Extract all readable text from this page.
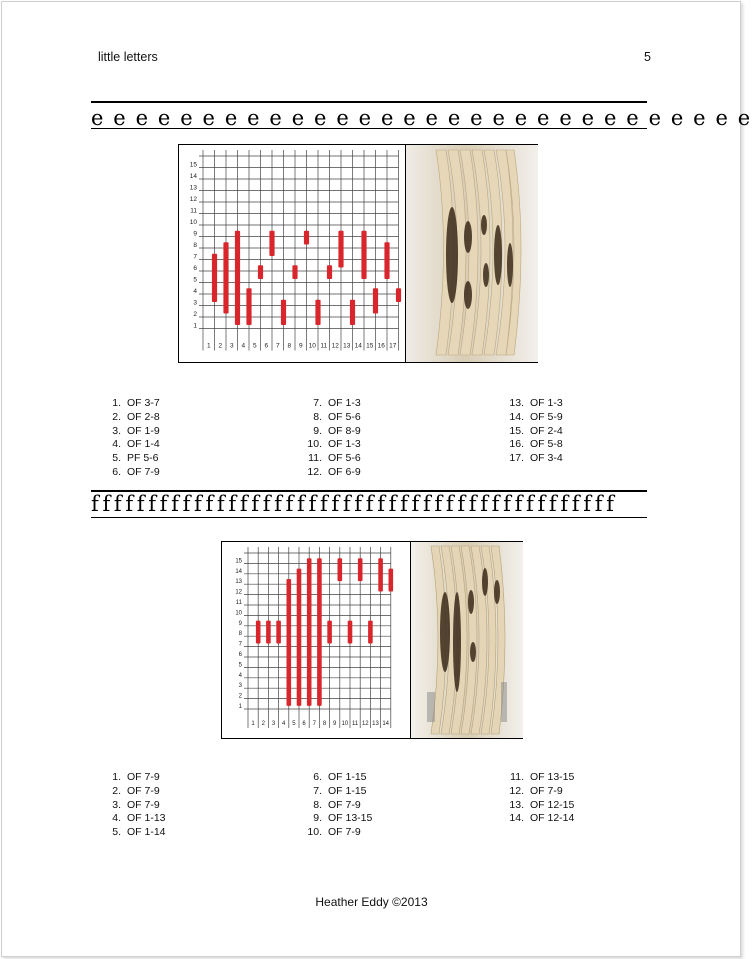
little letters	5
e e e e e e e e e e e e e e e e e e e e e e e e e e e e e e
15
14
13
12
11
10
9
8
7
6
5
4
3
2
1
1 2 3 4 5 6 7 8 9 10 11 12 13 14 15 16 17
1. OF 3-7
2. OF 2-8
3. OF 1-9
4. OF 1-4
5. PF 5-6
6. OF 7-9
7. OF 1-3
8. OF 5-6
9. OF 8-9
10. OF 1-3
11. OF 5-6
12. OF 6-9
13. OF 1-3
14. OF 5-9
15. OF 2-4
16. OF 5-8
17. OF 3-4
f f f f f f f f f f f f f f f f f f f f f f f f f f f f f f f f f f f f f f f f f f f f f f
15
14
13
12
11
10
9
8
7
6
5
4
3
2
1
1 2 3 4 5 6 7 8 9 10 11 12 13 14
1. OF 7-9
2. OF 7-9
3. OF 7-9
4. OF 1-13
5. OF 1-14
6. OF 1-15
7. OF 1-15
8. OF 7-9
9. OF 13-15
10. OF 7-9
11. OF 13-15
12. OF 7-9
13. OF 12-15
14. OF 12-14
Heather Eddy ©2013
